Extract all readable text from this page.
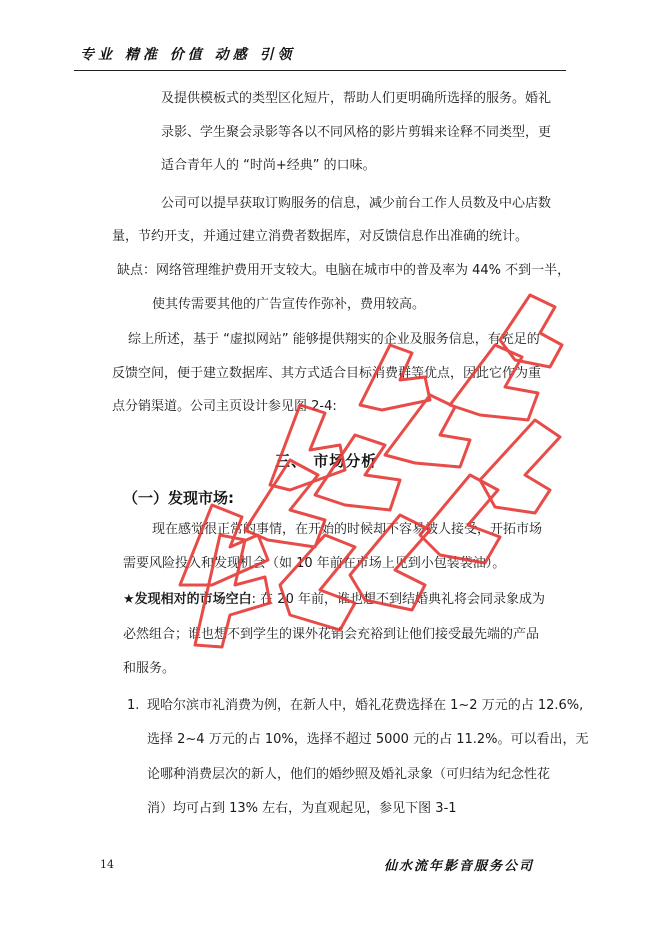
专业 精准 价值 动感 引领
及提供模板式的类型区化短片，帮助人们更明确所选择的服务。婚礼
录影、学生聚会录影等各以不同风格的影片剪辑来诠释不同类型，更
适合青年人的 “时尚+经典” 的口味。
公司可以提早获取订购服务的信息，减少前台工作人员数及中心店数
量，节约开支，并通过建立消费者数据库，对反馈信息作出准确的统计。
缺点：网络管理维护费用开支较大。电脑在城市中的普及率为 44% 不到一半，
使其传需要其他的广告宣传作弥补，费用较高。
综上所述，基于 “虚拟网站” 能够提供翔实的企业及服务信息，有充足的
反馈空间，便于建立数据库、其方式适合目标消费群等优点，因此它作为重
点分销渠道。公司主页设计参见图 2-4:
三、 市场分析
（一）发现市场:
现在感觉很正常的事情，在开始的时候却不容易被人接受，开拓市场
需要风险投入和发现机会（如 10 年前在市场上见到小包装袋油）。
★发现相对的市场空白: 在 20 年前，谁也想不到结婚典礼将会同录象成为
必然组合；谁也想不到学生的课外花销会充裕到让他们接受最先端的产品
和服务。
1. 现哈尔滨市礼消费为例，在新人中，婚礼花费选择在 1~2 万元的占 12.6%,
选择 2~4 万元的占 10%，选择不超过 5000 元的占 11.2%。可以看出，无
论哪种消费层次的新人，他们的婚纱照及婚礼录象（可归结为纪念性花
消）均可占到 13% 左右，为直观起见，参见下图 3-1
14	仙水流年影音服务公司
